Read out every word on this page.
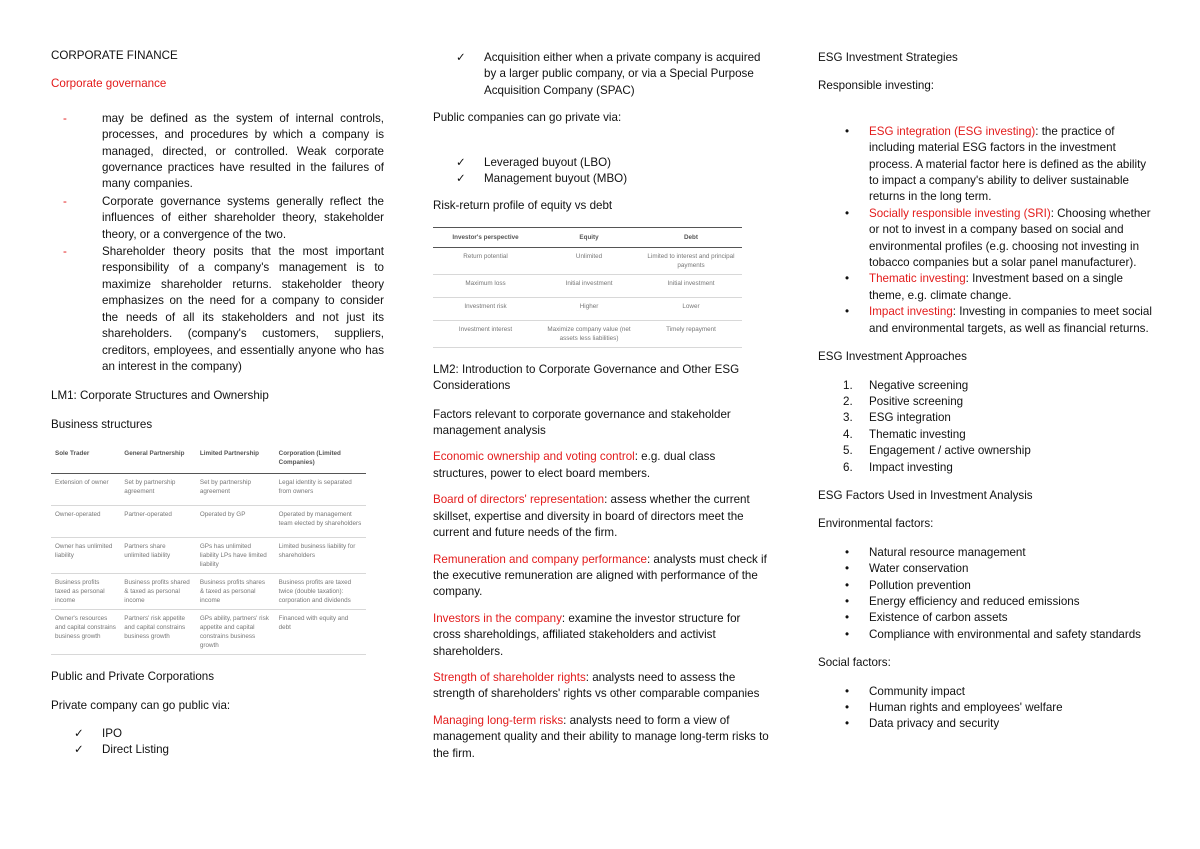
CORPORATE FINANCE

Corporate governance

- may be defined as the system of internal controls, processes, and procedures by which a company is managed, directed, or controlled. Weak corporate governance practices have resulted in the failures of many companies.
- Corporate governance systems generally reflect the influences of either shareholder theory, stakeholder theory, or a convergence of the two.
- Shareholder theory posits that the most important responsibility of a company's management is to maximize shareholder returns. stakeholder theory emphasizes on the need for a company to consider the needs of all its stakeholders and not just its shareholders. (company's customers, suppliers, creditors, employees, and essentially anyone who has an interest in the company)

LM1: Corporate Structures and Ownership

Business structures

Sole Trader	General Partnership	Limited Partnership	Corporation (Limited Companies)
Extension of owner	Set by partnership agreement	Set by partnership agreement	Legal identity is separated from owners
Owner-operated	Partner-operated	Operated by GP	Operated by management team elected by shareholders
Owner has unlimited liability	Partners share unlimited liability	GPs has unlimited liability LPs have limited liability	Limited business liability for shareholders
Business profits taxed as personal income	Business profits shared & taxed as personal income	Business profits shares & taxed as personal income	Business profits are taxed twice (double taxation): corporation and dividends
Owner's resources and capital constrains business growth	Partners' risk appetite and capital constrains business growth	GPs ability, partners' risk appetite and capital constrains business growth	Financed with equity and debt

Public and Private Corporations

Private company can go public via:

✓ IPO
✓ Direct Listing
✓ Acquisition either when a private company is acquired by a larger public company, or via a Special Purpose Acquisition Company (SPAC)

Public companies can go private via:

✓ Leveraged buyout (LBO)
✓ Management buyout (MBO)

Risk-return profile of equity vs debt

Investor's perspective	Equity	Debt
Return potential	Unlimited	Limited to interest and principal payments
Maximum loss	Initial investment	Initial investment
Investment risk	Higher	Lower
Investment interest	Maximize company value (net assets less liabilities)	Timely repayment

LM2: Introduction to Corporate Governance and Other ESG Considerations

Factors relevant to corporate governance and stakeholder management analysis

Economic ownership and voting control: e.g. dual class structures, power to elect board members.

Board of directors' representation: assess whether the current skillset, expertise and diversity in board of directors meet the current and future needs of the firm.

Remuneration and company performance: analysts must check if the executive remuneration are aligned with performance of the company.

Investors in the company: examine the investor structure for cross shareholdings, affiliated stakeholders and activist shareholders.

Strength of shareholder rights: analysts need to assess the strength of shareholders' rights vs other comparable companies

Managing long-term risks: analysts need to form a view of management quality and their ability to manage long-term risks to the firm.

ESG Investment Strategies

Responsible investing:

• ESG integration (ESG investing): the practice of including material ESG factors in the investment process. A material factor here is defined as the ability to impact a company's ability to deliver sustainable returns in the long term.
• Socially responsible investing (SRI): Choosing whether or not to invest in a company based on social and environmental profiles (e.g. choosing not investing in tobacco companies but a solar panel manufacturer).
• Thematic investing: Investment based on a single theme, e.g. climate change.
• Impact investing: Investing in companies to meet social and environmental targets, as well as financial returns.

ESG Investment Approaches

1. Negative screening
2. Positive screening
3. ESG integration
4. Thematic investing
5. Engagement / active ownership
6. Impact investing

ESG Factors Used in Investment Analysis

Environmental factors:

• Natural resource management
• Water conservation
• Pollution prevention
• Energy efficiency and reduced emissions
• Existence of carbon assets
• Compliance with environmental and safety standards

Social factors:

• Community impact
• Human rights and employees' welfare
• Data privacy and security
